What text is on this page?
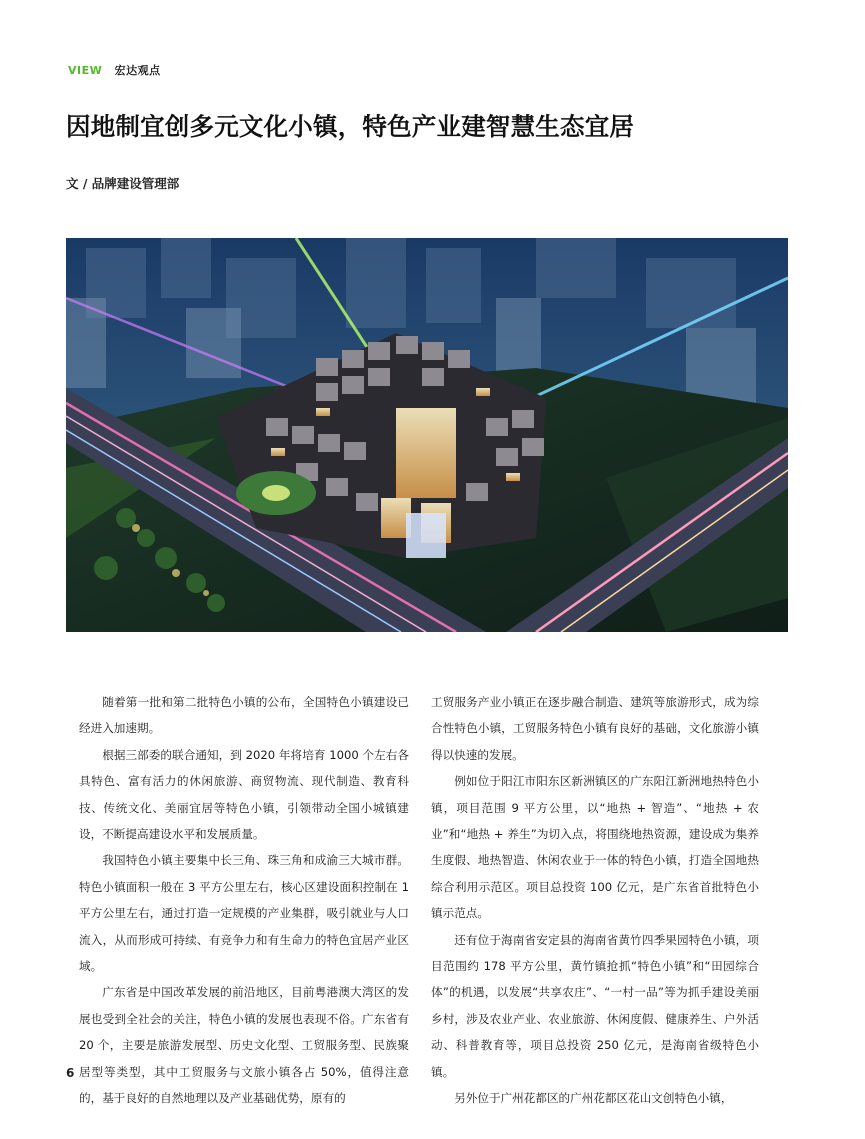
VIEW 宏达观点
因地制宜创多元文化小镇，特色产业建智慧生态宜居

文 / 品牌建设管理部

随着第一批和第二批特色小镇的公布，全国特色小镇建设已经进入加速期。

根据三部委的联合通知，到 2020 年将培育 1000 个左右各具特色、富有活力的休闲旅游、商贸物流、现代制造、教育科技、传统文化、美丽宜居等特色小镇，引领带动全国小城镇建设，不断提高建设水平和发展质量。

我国特色小镇主要集中长三角、珠三角和成渝三大城市群。特色小镇面积一般在 3 平方公里左右，核心区建设面积控制在 1 平方公里左右，通过打造一定规模的产业集群，吸引就业与人口流入，从而形成可持续、有竞争力和有生命力的特色宜居产业区域。

广东省是中国改革发展的前沿地区，目前粤港澳大湾区的发展也受到全社会的关注，特色小镇的发展也表现不俗。广东省有 20 个，主要是旅游发展型、历史文化型、工贸服务型、民族聚居型等类型，其中工贸服务与文旅小镇各占 50%，值得注意的，基于良好的自然地理以及产业基础优势，原有的

工贸服务产业小镇正在逐步融合制造、建筑等旅游形式，成为综合性特色小镇，工贸服务特色小镇有良好的基础，文化旅游小镇得以快速的发展。

例如位于阳江市阳东区新洲镇区的广东阳江新洲地热特色小镇，项目范围 9 平方公里，以“地热 + 智造”、“地热 + 农业”和“地热 + 养生”为切入点，将围绕地热资源，建设成为集养生度假、地热智造、休闲农业于一体的特色小镇，打造全国地热综合利用示范区。项目总投资 100 亿元，是广东省首批特色小镇示范点。

还有位于海南省安定县的海南省黄竹四季果园特色小镇，项目范围约 178 平方公里，黄竹镇抢抓“特色小镇”和“田园综合体”的机遇，以发展“共享农庄”、“一村一品”等为抓手建设美丽乡村，涉及农业产业、农业旅游、休闲度假、健康养生、户外活动、科普教育等，项目总投资 250 亿元，是海南省级特色小镇。

另外位于广州花都区的广州花都区花山文创特色小镇，

6
